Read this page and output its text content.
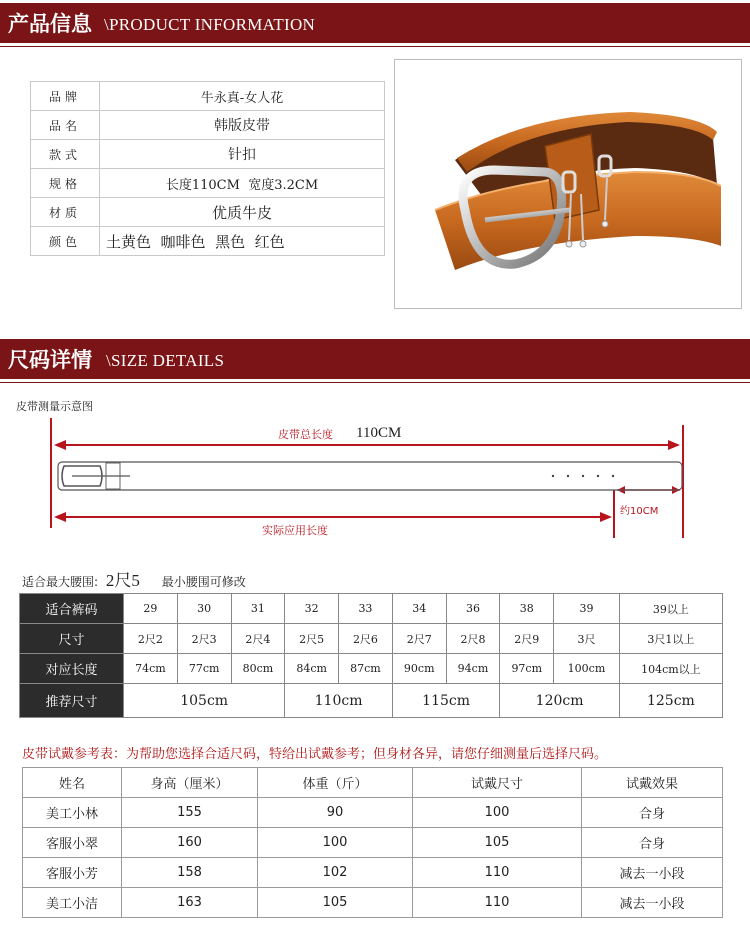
产品信息 \PRODUCT INFORMATION
品牌	牛永真-女人花
品名	韩版皮带
款式	针扣
规格	长度110CM  宽度3.2CM
材质	优质牛皮
颜色	土黄色  咖啡色  黑色  红色
尺码详情 \SIZE DETAILS
皮带测量示意图
皮带总长度 110CM
实际应用长度
约10CM
适合最大腰围: 2尺5 最小腰围可修改
适合裤码	29	30	31	32	33	34	36	38	39	39以上
尺寸	2尺2	2尺3	2尺4	2尺5	2尺6	2尺7	2尺8	2尺9	3尺	3尺1以上
对应长度	74cm	77cm	80cm	84cm	87cm	90cm	94cm	97cm	100cm	104cm以上
推荐尺寸	105cm			110cm		115cm		120cm		125cm
皮带试戴参考表：为帮助您选择合适尺码，特给出试戴参考；但身材各异，请您仔细测量后选择尺码。
姓名	身高（厘米）	体重（斤）	试戴尺寸	试戴效果
美工小林	155	90	100	合身
客服小翠	160	100	105	合身
客服小芳	158	102	110	减去一小段
美工小洁	163	105	110	减去一小段
